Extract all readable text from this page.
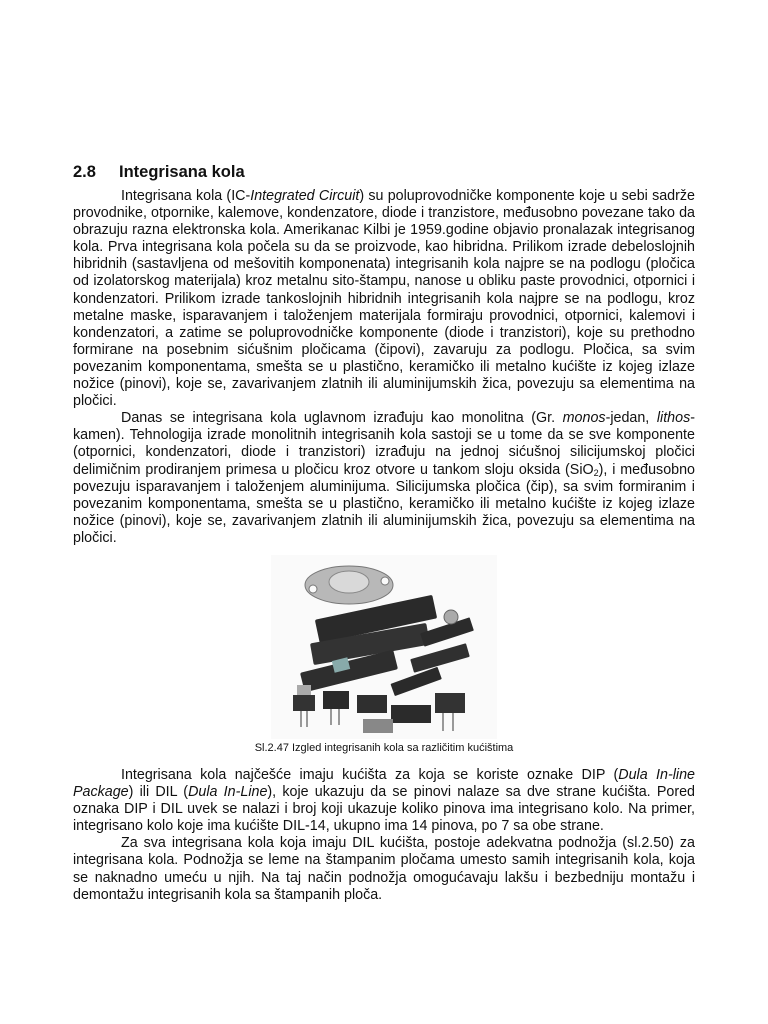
2.8 Integrisana kola

Integrisana kola (IC-Integrated Circuit) su poluprovodničke komponente koje u sebi sadrže provodnike, otpornike, kalemove, kondenzatore, diode i tranzistore, međusobno povezane tako da obrazuju razna elektronska kola. Amerikanac Kilbi je 1959.godine objavio pronalazak integrisanog kola. Prva integrisana kola počela su da se proizvode, kao hibridna. Prilikom izrade debeloslojnih hibridnih (sastavljena od mešovitih komponenata) integrisanih kola najpre se na podlogu (pločica od izolatorskog materijala) kroz metalnu sito-štampu, nanose u obliku paste provodnici, otpornici i kondenzatori. Prilikom izrade tankoslojnih hibridnih integrisanih kola najpre se na podlogu, kroz metalne maske, isparavanjem i taloženjem materijala formiraju provodnici, otpornici, kalemovi i kondenzatori, a zatime se poluprovodničke komponente (diode i tranzistori), koje su prethodno formirane na posebnim sićušnim pločicama (čipovi), zavaruju za podlogu. Pločica, sa svim povezanim komponentama, smešta se u plastično, keramičko ili metalno kućište iz kojeg izlaze nožice (pinovi), koje se, zavarivanjem zlatnih ili aluminijumskih žica, povezuju sa elementima na pločici.

Danas se integrisana kola uglavnom izrađuju kao monolitna (Gr. monos-jedan, lithos-kamen). Tehnologija izrade monolitnih integrisanih kola sastoji se u tome da se sve komponente (otpornici, kondenzatori, diode i tranzistori) izrađuju na jednoj sićušnoj silicijumskoj pločici delimičnim prodiranjem primesa u pločicu kroz otvore u tankom sloju oksida (SiO$_2$), i međusobno povezuju isparavanjem i taloženjem aluminijuma. Silicijumska pločica (čip), sa svim formiranim i povezanim komponentama, smešta se u plastično, keramičko ili metalno kućište iz kojeg izlaze nožice (pinovi), koje se, zavarivanjem zlatnih ili aluminijumskih žica, povezuju sa elementima na pločici.

Sl.2.47 Izgled integrisanih kola sa različitim kućištima

Integrisana kola najčešće imaju kućišta za koja se koriste oznake DIP (Dula In-line Package) ili DIL (Dula In-Line), koje ukazuju da se pinovi nalaze sa dve strane kućišta. Pored oznaka DIP i DIL uvek se nalazi i broj koji ukazuje koliko pinova ima integrisano kolo. Na primer, integrisano kolo koje ima kućište DIL-14, ukupno ima 14 pinova, po 7 sa obe strane.

Za sva integrisana kola koja imaju DIL kućišta, postoje adekvatna podnožja (sl.2.50) za integrisana kola. Podnožja se leme na štampanim pločama umesto samih integrisanih kola, koja se naknadno umeću u njih. Na taj način podnožja omogućavaju lakšu i bezbedniju montažu i demontažu integrisanih kola sa štampanih ploča.
